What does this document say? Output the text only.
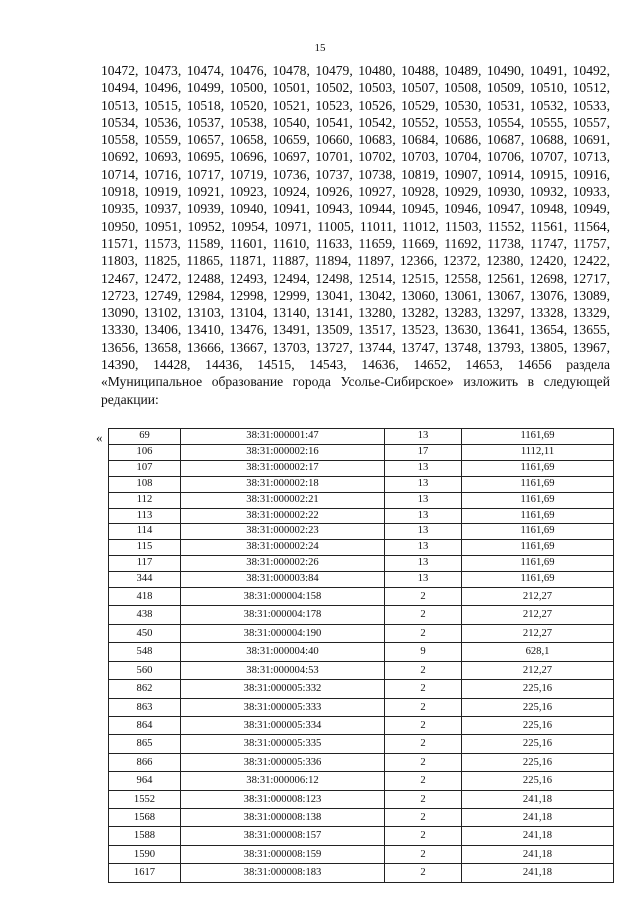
15
10472, 10473, 10474, 10476, 10478, 10479, 10480, 10488, 10489, 10490, 10491, 10492, 10494, 10496, 10499, 10500, 10501, 10502, 10503, 10507, 10508, 10509, 10510, 10512, 10513, 10515, 10518, 10520, 10521, 10523, 10526, 10529, 10530, 10531, 10532, 10533, 10534, 10536, 10537, 10538, 10540, 10541, 10542, 10552, 10553, 10554, 10555, 10557, 10558, 10559, 10657, 10658, 10659, 10660, 10683, 10684, 10686, 10687, 10688, 10691, 10692, 10693, 10695, 10696, 10697, 10701, 10702, 10703, 10704, 10706, 10707, 10713, 10714, 10716, 10717, 10719, 10736, 10737, 10738, 10819, 10907, 10914, 10915, 10916, 10918, 10919, 10921, 10923, 10924, 10926, 10927, 10928, 10929, 10930, 10932, 10933, 10935, 10937, 10939, 10940, 10941, 10943, 10944, 10945, 10946, 10947, 10948, 10949, 10950, 10951, 10952, 10954, 10971, 11005, 11011, 11012, 11503, 11552, 11561, 11564, 11571, 11573, 11589, 11601, 11610, 11633, 11659, 11669, 11692, 11738, 11747, 11757, 11803, 11825, 11865, 11871, 11887, 11894, 11897, 12366, 12372, 12380, 12420, 12422, 12467, 12472, 12488, 12493, 12494, 12498, 12514, 12515, 12558, 12561, 12698, 12717, 12723, 12749, 12984, 12998, 12999, 13041, 13042, 13060, 13061, 13067, 13076, 13089, 13090, 13102, 13103, 13104, 13140, 13141, 13280, 13282, 13283, 13297, 13328, 13329, 13330, 13406, 13410, 13476, 13491, 13509, 13517, 13523, 13630, 13641, 13654, 13655, 13656, 13658, 13666, 13667, 13703, 13727, 13744, 13747, 13748, 13793, 13805, 13967, 14390, 14428, 14436, 14515, 14543, 14636, 14652, 14653, 14656 раздела «Муниципальное образование города Усолье-Сибирское» изложить в следующей редакции:
«	69	38:31:000001:47	13	1161,69
106	38:31:000002:16	17	1112,11
107	38:31:000002:17	13	1161,69
108	38:31:000002:18	13	1161,69
112	38:31:000002:21	13	1161,69
113	38:31:000002:22	13	1161,69
114	38:31:000002:23	13	1161,69
115	38:31:000002:24	13	1161,69
117	38:31:000002:26	13	1161,69
344	38:31:000003:84	13	1161,69
418	38:31:000004:158	2	212,27
438	38:31:000004:178	2	212,27
450	38:31:000004:190	2	212,27
548	38:31:000004:40	9	628,1
560	38:31:000004:53	2	212,27
862	38:31:000005:332	2	225,16
863	38:31:000005:333	2	225,16
864	38:31:000005:334	2	225,16
865	38:31:000005:335	2	225,16
866	38:31:000005:336	2	225,16
964	38:31:000006:12	2	225,16
1552	38:31:000008:123	2	241,18
1568	38:31:000008:138	2	241,18
1588	38:31:000008:157	2	241,18
1590	38:31:000008:159	2	241,18
1617	38:31:000008:183	2	241,18
